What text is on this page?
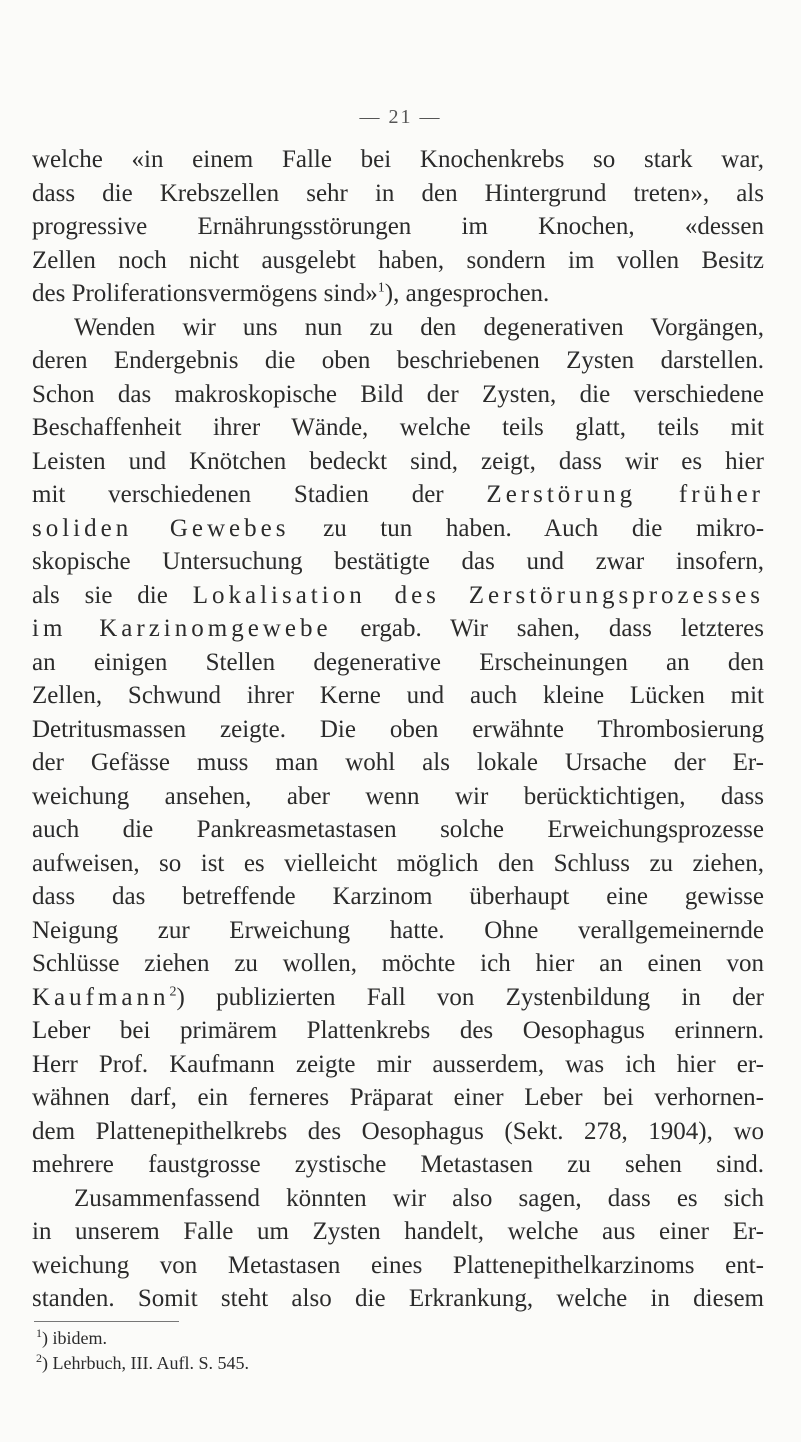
— 21 —
welche «in einem Falle bei Knochenkrebs so stark war,
dass die Krebszellen sehr in den Hintergrund treten», als
progressive Ernährungsstörungen im Knochen, «dessen
Zellen noch nicht ausgelebt haben, sondern im vollen Besitz
des Proliferationsvermögens sind»$^1$), angesprochen.
Wenden wir uns nun zu den degenerativen Vorgängen,
deren Endergebnis die oben beschriebenen Zysten darstellen.
Schon das makroskopische Bild der Zysten, die verschiedene
Beschaffenheit ihrer Wände, welche teils glatt, teils mit
Leisten und Knötchen bedeckt sind, zeigt, dass wir es hier
mit verschiedenen Stadien der Zerstörung früher
soliden Gewebes zu tun haben. Auch die mikro-
skopische Untersuchung bestätigte das und zwar insofern,
als sie die Lokalisation des Zerstörungsprozesses
im Karzinomgewebe ergab. Wir sahen, dass letzteres
an einigen Stellen degenerative Erscheinungen an den
Zellen, Schwund ihrer Kerne und auch kleine Lücken mit
Detritusmassen zeigte. Die oben erwähnte Thrombosierung
der Gefässe muss man wohl als lokale Ursache der Er-
weichung ansehen, aber wenn wir berücktichtigen, dass
auch die Pankreasmetastasen solche Erweichungsprozesse
aufweisen, so ist es vielleicht möglich den Schluss zu ziehen,
dass das betreffende Karzinom überhaupt eine gewisse
Neigung zur Erweichung hatte. Ohne verallgemeinernde
Schlüsse ziehen zu wollen, möchte ich hier an einen von
Kaufmann$^2$) publizierten Fall von Zystenbildung in der
Leber bei primärem Plattenkrebs des Oesophagus erinnern.
Herr Prof. Kaufmann zeigte mir ausserdem, was ich hier er-
wähnen darf, ein ferneres Präparat einer Leber bei verhornen-
dem Plattenepithelkrebs des Oesophagus (Sekt. 278, 1904), wo
mehrere faustgrosse zystische Metastasen zu sehen sind.
Zusammenfassend könnten wir also sagen, dass es sich
in unserem Falle um Zysten handelt, welche aus einer Er-
weichung von Metastasen eines Plattenepithelkarzinoms ent-
standen. Somit steht also die Erkrankung, welche in diesem
$^1$) ibidem.
$^2$) Lehrbuch, III. Aufl. S. 545.
